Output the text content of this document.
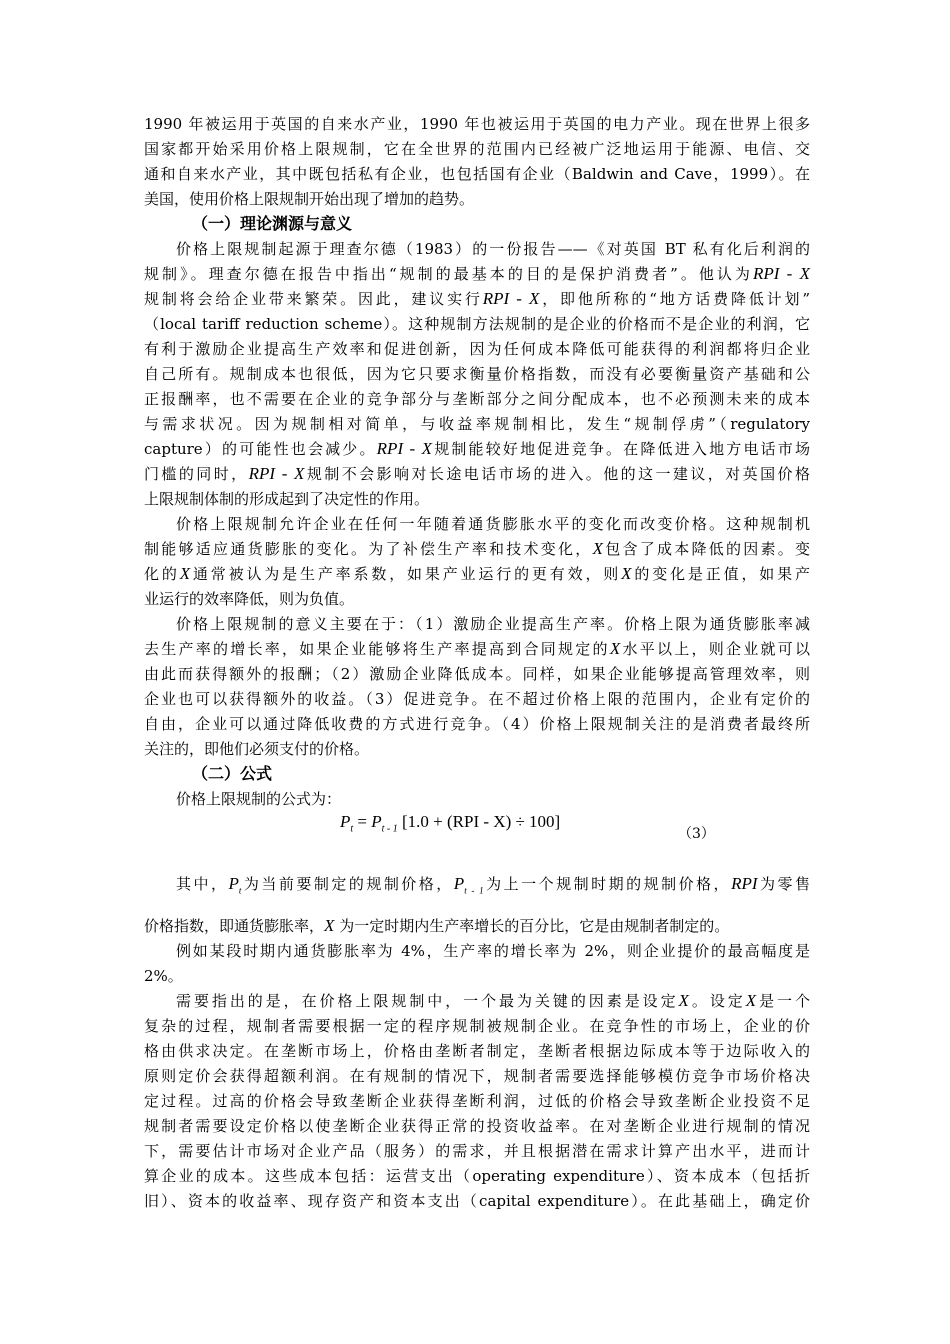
1990 年被运用于英国的自来水产业，1990 年也被运用于英国的电力产业。现在世界上很多
国家都开始采用价格上限规制，它在全世界的范围内已经被广泛地运用于能源、电信、交
通和自来水产业，其中既包括私有企业，也包括国有企业（Baldwin and Cave，1999）。在
美国，使用价格上限规制开始出现了增加的趋势。
（一）理论渊源与意义
价格上限规制起源于理查尔德（1983）的一份报告——《对英国 BT 私有化后利润的
规制》。理查尔德在报告中指出“规制的最基本的目的是保护消费者”。他认为RPI - X
规制将会给企业带来繁荣。因此，建议实行RPI - X，即他所称的“地方话费降低计划”
（local tariff reduction scheme）。这种规制方法规制的是企业的价格而不是企业的利润，它
有利于激励企业提高生产效率和促进创新，因为任何成本降低可能获得的利润都将归企业
自己所有。规制成本也很低，因为它只要求衡量价格指数，而没有必要衡量资产基础和公
正报酬率，也不需要在企业的竞争部分与垄断部分之间分配成本，也不必预测未来的成本
与需求状况。因为规制相对简单，与收益率规制相比，发生“规制俘虏”（regulatory
capture）的可能性也会减少。RPI - X规制能较好地促进竞争。在降低进入地方电话市场
门槛的同时，RPI - X规制不会影响对长途电话市场的进入。他的这一建议，对英国价格
上限规制体制的形成起到了决定性的作用。
价格上限规制允许企业在任何一年随着通货膨胀水平的变化而改变价格。这种规制机
制能够适应通货膨胀的变化。为了补偿生产率和技术变化，X包含了成本降低的因素。变
化的X通常被认为是生产率系数，如果产业运行的更有效，则X的变化是正值，如果产
业运行的效率降低，则为负值。
价格上限规制的意义主要在于：（1）激励企业提高生产率。价格上限为通货膨胀率减
去生产率的增长率，如果企业能够将生产率提高到合同规定的X水平以上，则企业就可以
由此而获得额外的报酬；（2）激励企业降低成本。同样，如果企业能够提高管理效率，则
企业也可以获得额外的收益。（3）促进竞争。在不超过价格上限的范围内，企业有定价的
自由，企业可以通过降低收费的方式进行竞争。（4）价格上限规制关注的是消费者最终所
关注的，即他们必须支付的价格。
（二）公式
价格上限规制的公式为：
$P_t = P_{t - 1}$ [1.0 + (RPI - X) ÷ 100]
（3）
其中，$P_t$为当前要制定的规制价格，$P_{t - 1}$为上一个规制时期的规制价格，RPI为零售
价格指数，即通货膨胀率，X 为一定时期内生产率增长的百分比，它是由规制者制定的。
例如某段时期内通货膨胀率为 4%，生产率的增长率为 2%，则企业提价的最高幅度是
2%。
需要指出的是，在价格上限规制中，一个最为关键的因素是设定X。设定X是一个
复杂的过程，规制者需要根据一定的程序规制被规制企业。在竞争性的市场上，企业的价
格由供求决定。在垄断市场上，价格由垄断者制定，垄断者根据边际成本等于边际收入的
原则定价会获得超额利润。在有规制的情况下，规制者需要选择能够模仿竞争市场价格决
定过程。过高的价格会导致垄断企业获得垄断利润，过低的价格会导致垄断企业投资不足
规制者需要设定价格以使垄断企业获得正常的投资收益率。在对垄断企业进行规制的情况
下，需要估计市场对企业产品（服务）的需求，并且根据潜在需求计算产出水平，进而计
算企业的成本。这些成本包括：运营支出（operating expenditure）、资本成本（包括折
旧）、资本的收益率、现存资产和资本支出（capital expenditure）。在此基础上，确定价
